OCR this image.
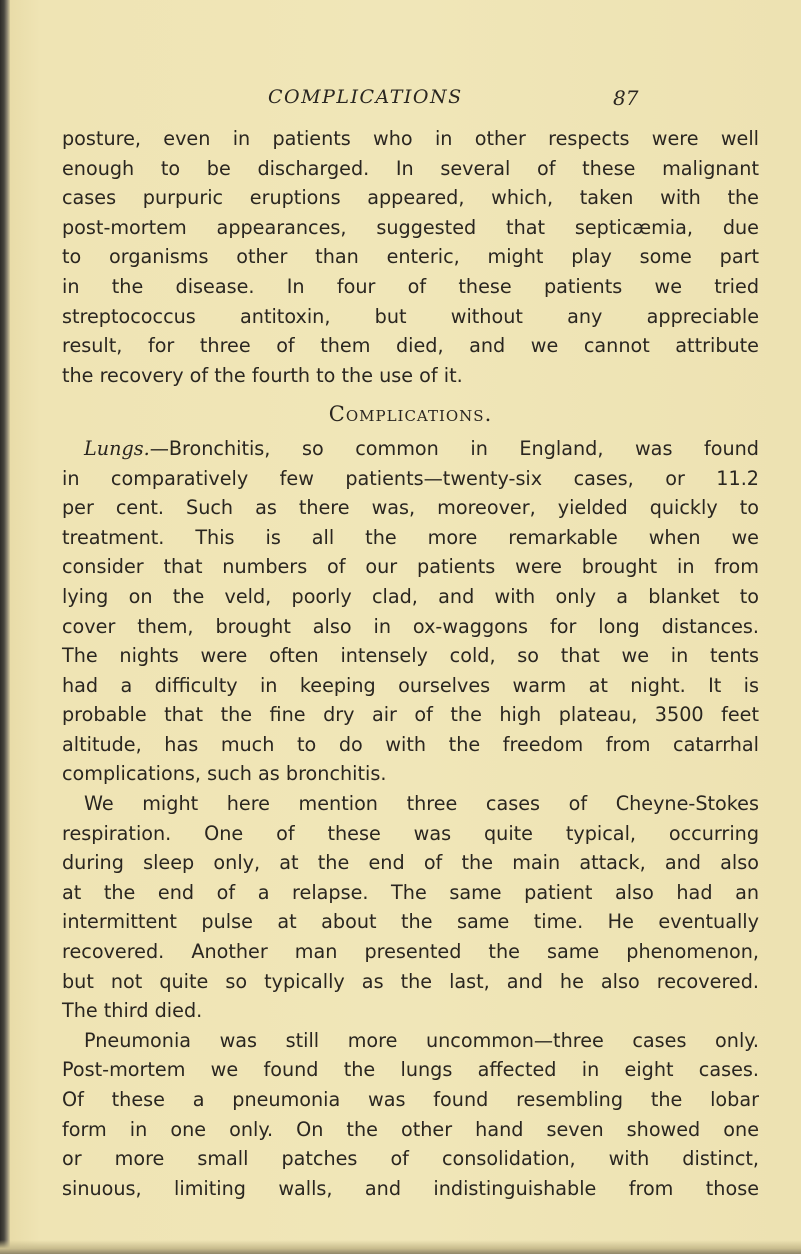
COMPLICATIONS	87
posture, even in patients who in other respects were well
enough to be discharged. In several of these malignant
cases purpuric eruptions appeared, which, taken with the
post-mortem appearances, suggested that septicæmia, due
to organisms other than enteric, might play some part
in the disease. In four of these patients we tried
streptococcus antitoxin, but without any appreciable
result, for three of them died, and we cannot attribute
the recovery of the fourth to the use of it.
Complications.
Lungs.—Bronchitis, so common in England, was found
in comparatively few patients—twenty-six cases, or 11.2
per cent. Such as there was, moreover, yielded quickly to
treatment. This is all the more remarkable when we
consider that numbers of our patients were brought in from
lying on the veld, poorly clad, and with only a blanket to
cover them, brought also in ox-waggons for long distances.
The nights were often intensely cold, so that we in tents
had a difficulty in keeping ourselves warm at night. It is
probable that the fine dry air of the high plateau, 3500 feet
altitude, has much to do with the freedom from catarrhal
complications, such as bronchitis.
We might here mention three cases of Cheyne-Stokes
respiration. One of these was quite typical, occurring
during sleep only, at the end of the main attack, and also
at the end of a relapse. The same patient also had an
intermittent pulse at about the same time. He eventually
recovered. Another man presented the same phenomenon,
but not quite so typically as the last, and he also recovered.
The third died.
Pneumonia was still more uncommon—three cases only.
Post-mortem we found the lungs affected in eight cases.
Of these a pneumonia was found resembling the lobar
form in one only. On the other hand seven showed one
or more small patches of consolidation, with distinct,
sinuous, limiting walls, and indistinguishable from those
